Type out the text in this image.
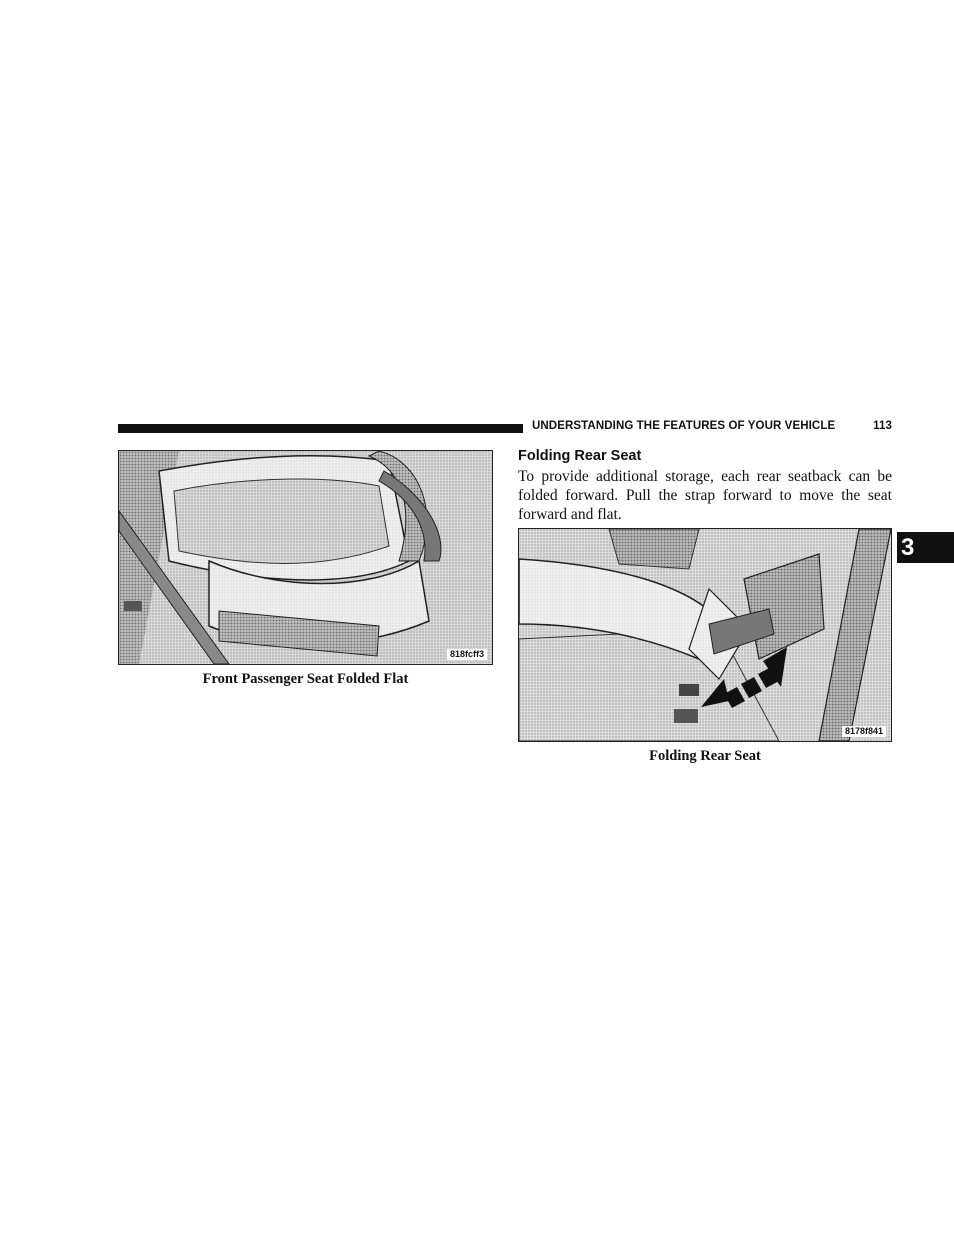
UNDERSTANDING THE FEATURES OF YOUR VEHICLE	113
3
818fcff3
Front Passenger Seat Folded Flat
Folding Rear Seat

To provide additional storage, each rear seatback can be folded forward. Pull the strap forward to move the seat forward and flat.

8178f841
Folding Rear Seat
